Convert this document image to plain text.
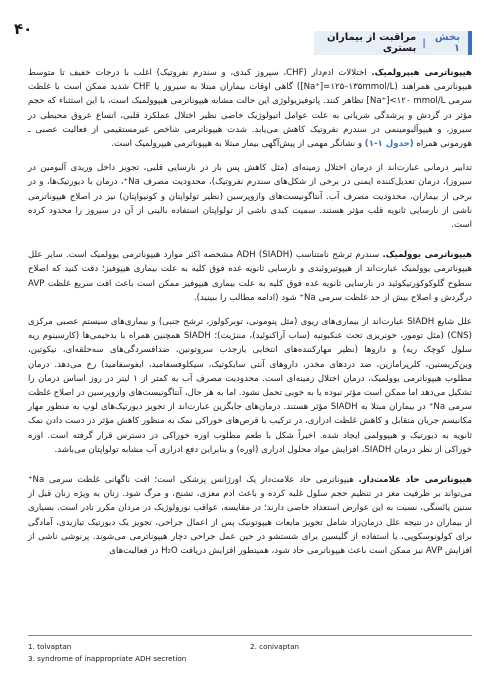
۴۰	بخش ۱
|
مراقبت از بیماران بستری

هیپوناترمی هیپرولمیک. اختلالات ادم‌دار (CHF، سیروز کبدی، و سندرم نفروتیک) اغلب با درجات خفیف تا متوسط هیپوناترمی همراهند (Na⁺]=۱۲۵–۱۳۵mmol/L]) گاهی اوقات بیماران مبتلا به سیروز یا CHF شدید ممکن است با غلظت سرمی Na⁺]<۱۲۰ mmol/L] تظاهر کنند. پاتوفیزیولوژی این حالت مشابه هیپوناترمی هیپوولمیک است، با این استثناء که حجم مؤثر در گردش و پرشدگی شریانی به علت عوامل اتیولوژیک خاصی نظیر اختلال عملکرد قلبی، اتساع عروق محیطی در سیروز، و هیپوآلبومینمی در سندرم نفروتیک کاهش می‌یابد. شدت هیپوناترمی شاخص غیرمستقیمی از فعالیت عصبی ـ هورمونی همراه (جدول ۱-۱) و نشانگر مهمی از پیش‌آگهی بیمار مبتلا به هیپوناترمی هیپرولمیک است.

تدابیر درمانی عبارت‌اند از درمان اختلال زمینه‌ای (مثل کاهش پس بار در نارسایی قلبی، تجویز داخل وریدی آلبومین در سیروز)، درمان تعدیل‌کننده ایمنی در برخی از شکل‌های سندرم نفروتیک)، محدودیت مصرف Na⁺، درمان با دیورتیک‌ها، و در برخی از بیماران، محدودیت مصرف آب. آنتاگونیست‌های وازوپرسین (نظیر تولواپتان و کونیواپتان) نیز در اصلاح هیپوناترمی ناشی از نارسایی ثانویه قلب مؤثر هستند. سمیت کبدی ناشی از تولواپتان استفاده بالینی از آن در سیروز را محدود کرده است.

هیپوناترمی یوولمیک. سندرم ترشح نامتناسب ADH (SIADH) مشخصه اکثر موارد هیپوناترمی یوولمیک است. سایر علل هیپوناترمی یوولمیک عبارت‌اند از هیپوتیروئیدی و نارسایی ثانویه غده فوق کلیه به علت بیماری هیپوفیز؛ دقت کنید که اصلاح سطوح گلوکوکورتیکوئید در نارسایی ثانویه غده فوق کلیه به علت بیماری هیپوفیز ممکن است باعث افت سریع غلظت AVP درگردش و اصلاح بیش از حد غلظت سرمی Na⁺ شود (ادامه مطالب را ببینید).

علل شایع SIADH عبارت‌اند از بیماری‌های ریوی (مثل پنومونی، توبرکولوز، ترشح جنبی) و بیماری‌های سیستم عصبی مرکزی (CNS) (مثل تومور، خونریزی تحت عنکبوتیه (ساب آراکنوئید)، مننژیت)؛ SIADH همچنین همراه با بدخیمی‌ها (کارسینوم ریه سلول کوچک ریه) و داروها (نظیر مهارکننده‌های انتخابی بازجذب سروتونین، ضدافسردگی‌های سه‌حلقه‌ای، نیکوتین، وین‌کریستین، کلرپرامازین، ضد دردهای مخدر، داروهای آنتی سایکوتیک، سیکلوفسفامید، ایفوسفامید) رخ می‌دهد. درمان مطلوب هیپوناترمی یوولمیک، درمان اختلال زمینه‌ای است. محدودیت مصرف آب به کمتر از ۱ لیتر در روز اساس درمان را تشکیل می‌دهد اما ممکن است مؤثر نبوده یا به خوبی تحمل نشود. اما به هر حال، آنتاگونیست‌های وازوپرسین در اصلاح غلظت سرمی Na⁺ در بیماران مبتلا به SIADH مؤثر هستند. درمان‌های جایگزین عبارت‌اند از تجویز دیورتیک‌های لوپ به منظور مهار مکانیسم جریان متقابل و کاهش غلظت ادراری، در ترکیب با قرص‌های خوراکی نمک به منظور کاهش مؤثر در دست دادن نمک ثانویه به دیورتیک و هیپوولمی ایجاد شده. اخیراً شکل با طعم مطلوب اوره خوراکی در دسترس قرار گرفته است. اوره خوراکی از نظر درمان SIADH، افزایش مواد محلول ادراری (اوره) و بنابراین دفع ادراری آب مشابه تولواپتان می‌باشد.

هیپوناترمی حاد علامت‌دار. هیپوناترمی حاد علامت‌دار یک اورژانس پزشکی است؛ افت ناگهانی غلظت سرمی Na⁺ می‌تواند بر ظرفیت مغز در تنظیم حجم سلول غلبه کرده و باعث ادم مغزی، تشنج، و مرگ شود. زنان به ویژه زنان قبل از سنین یائسگی، نسبت به این عوارض استعداد خاصی دارند؛ در مقایسه، عواقب نورولوژیک در مردان مکرر نادر است. بسیاری از بیماران در نتیجه علل درمان‌زاد شامل تجویز مایعات هیپوتونیک پس از اعمال جراحی، تجویز یک دیورتیک تیازیدی، آمادگی برای کولونوسکوپی، یا استفاده از گلیسین برای شستشو در حین عمل جراحی دچار هیپوناترمی می‌شوند. پرنوشی ناشی از افزایش AVP نیز ممکن است باعث هیپوناترمی حاد شود، همینطور افزایش دریافت H₂O در فعالیت‌های

1. tolvaptan	2. conivaptan
3. syndrome of inappropriate ADH secretion
